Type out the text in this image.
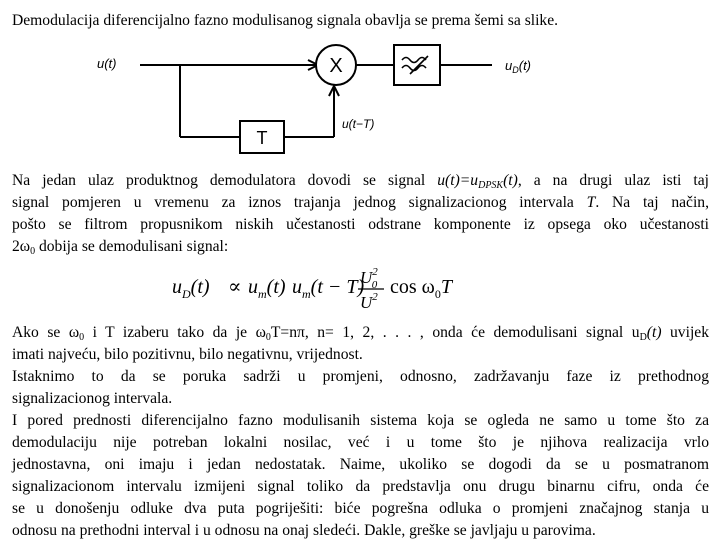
Demodulacija diferencijalno fazno modulisanog signala obavlja se prema šemi sa slike.
X
T
u(t)	$u_D(t)$
u(t−T)
Na jedan ulaz produktnog demodulatora dovodi se signal $u(t)=u_{DPSK}(t)$, a na drugi ulaz isti taj
signal pomjeren u vremenu za iznos trajanja jednog signalizacionog intervala T. Na taj način,
pošto se filtrom propusnikom niskih učestanosti odstrane komponente iz opsega oko učestanosti
$2\omega_0$ dobija se demodulisani signal:
$u_D(t) \propto u_m(t) u_m(t - T)$
$U^2$ 0
$U^2$ $\cos \omega_0T$
Ako se $\omega_0$ i T izaberu tako da je $\omega_0T=n\pi$, n= 1, 2, . . . , onda će demodulisani signal $u_D(t)$ uvijek
imati najveću, bilo pozitivnu, bilo negativnu, vrijednost.
Istaknimo to da se poruka sadrži u promjeni, odnosno, zadržavanju faze iz prethodnog
signalizacionog intervala.
I pored prednosti diferencijalno fazno modulisanih sistema koja se ogleda ne samo u tome što za
demodulaciju nije potreban lokalni nosilac, već i u tome što je njihova realizacija vrlo
jednostavna, oni imaju i jedan nedostatak. Naime, ukoliko se dogodi da se u posmatranom
signalizacionom intervalu izmijeni signal toliko da predstavlja onu drugu binarnu cifru, onda će
se u donošenju odluke dva puta pogriješiti: biće pogrešna odluka o promjeni značajnog stanja u
odnosu na prethodni interval i u odnosu na onaj sledeći. Dakle, greške se javljaju u parovima.
